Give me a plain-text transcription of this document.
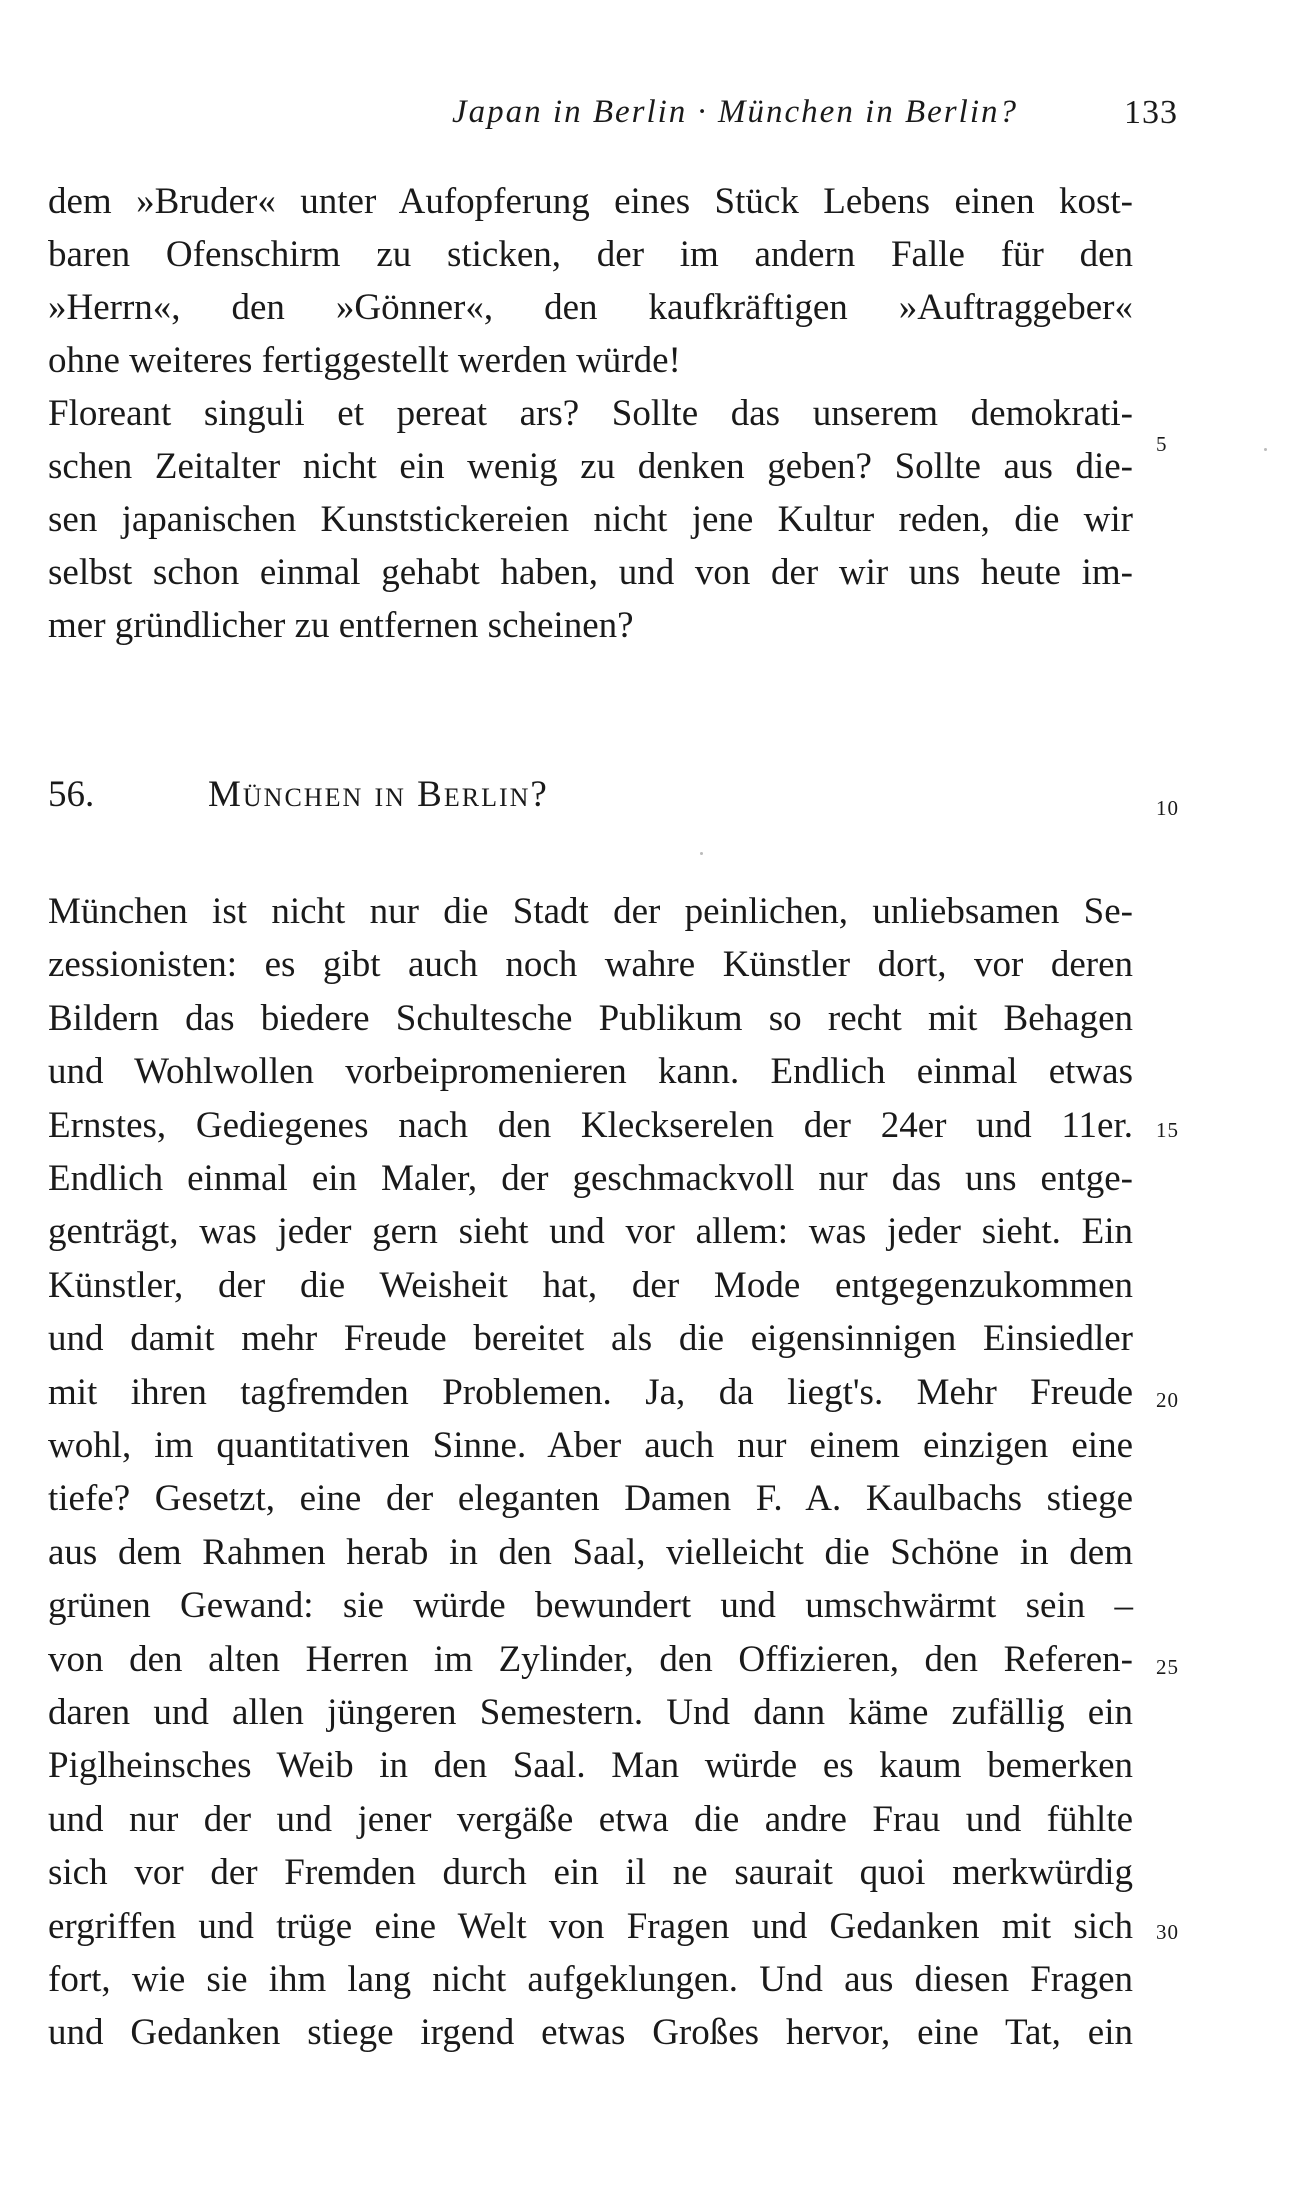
Japan in Berlin · München in Berlin?	133
dem »Bruder« unter Aufopferung eines Stück Lebens einen kost-
baren Ofenschirm zu sticken, der im andern Falle für den
»Herrn«, den »Gönner«, den kaufkräftigen »Auftraggeber«
ohne weiteres fertiggestellt werden würde!
Floreant singuli et pereat ars? Sollte das unserem demokrati-
schen Zeitalter nicht ein wenig zu denken geben? Sollte aus die-
sen japanischen Kunststickereien nicht jene Kultur reden, die wir
selbst schon einmal gehabt haben, und von der wir uns heute im-
mer gründlicher zu entfernen scheinen?
56.	München in Berlin?
München ist nicht nur die Stadt der peinlichen, unliebsamen Se-
zessionisten: es gibt auch noch wahre Künstler dort, vor deren
Bildern das biedere Schultesche Publikum so recht mit Behagen
und Wohlwollen vorbeipromenieren kann. Endlich einmal etwas
Ernstes, Gediegenes nach den Kleckserelen der 24er und 11er.
Endlich einmal ein Maler, der geschmackvoll nur das uns entge-
genträgt, was jeder gern sieht und vor allem: was jeder sieht. Ein
Künstler, der die Weisheit hat, der Mode entgegenzukommen
und damit mehr Freude bereitet als die eigensinnigen Einsiedler
mit ihren tagfremden Problemen. Ja, da liegt's. Mehr Freude
wohl, im quantitativen Sinne. Aber auch nur einem einzigen eine
tiefe? Gesetzt, eine der eleganten Damen F. A. Kaulbachs stiege
aus dem Rahmen herab in den Saal, vielleicht die Schöne in dem
grünen Gewand: sie würde bewundert und umschwärmt sein –
von den alten Herren im Zylinder, den Offizieren, den Referen-
daren und allen jüngeren Semestern. Und dann käme zufällig ein
Piglheinsches Weib in den Saal. Man würde es kaum bemerken
und nur der und jener vergäße etwa die andre Frau und fühlte
sich vor der Fremden durch ein il ne saurait quoi merkwürdig
ergriffen und trüge eine Welt von Fragen und Gedanken mit sich
fort, wie sie ihm lang nicht aufgeklungen. Und aus diesen Fragen
und Gedanken stiege irgend etwas Großes hervor, eine Tat, ein
5
10
15
20
25
30
